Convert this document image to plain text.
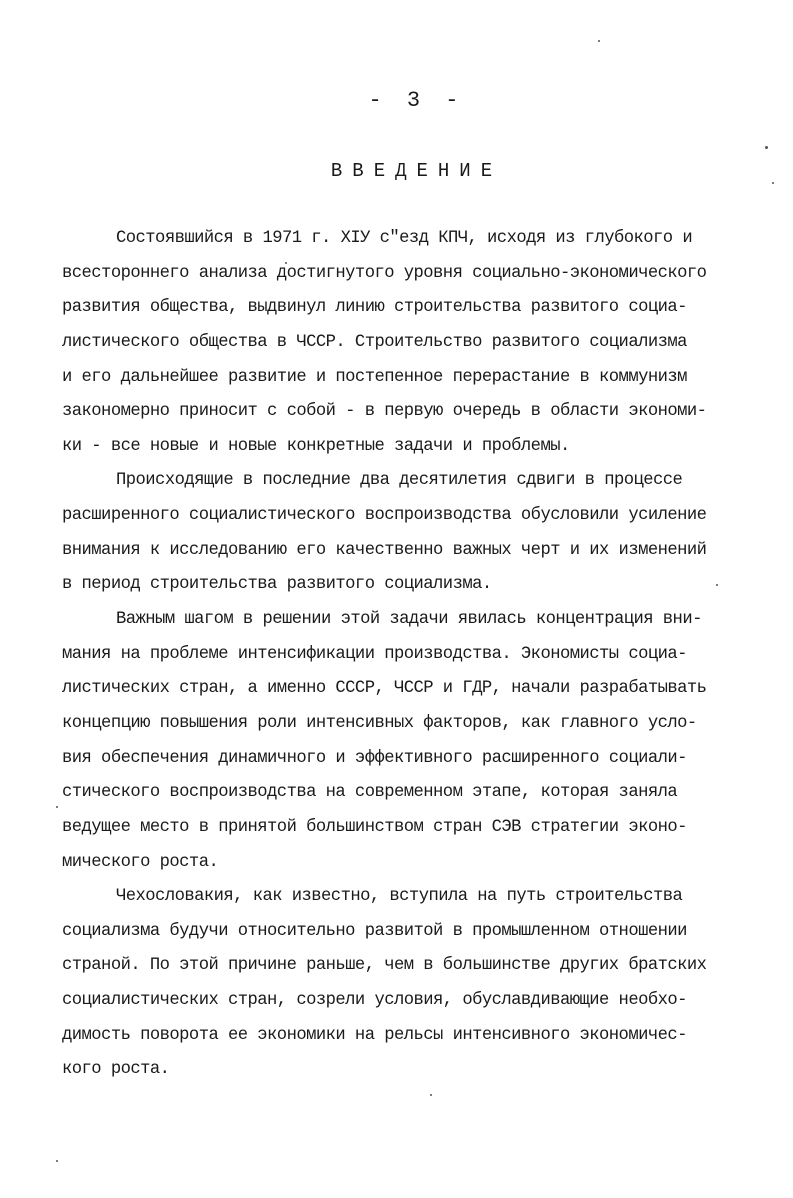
- 3 -
ВВЕДЕНИЕ
Состоявшийся в 1971 г. XIУ с"езд КПЧ, исходя из глубокого и
всестороннего анализа достигнутого уровня социально-экономического
развития общества, выдвинул линию строительства развитого социа-
листического общества в ЧССР. Строительство развитого социализма
и его дальнейшее развитие и постепенное перерастание в коммунизм
закономерно приносит с собой - в первую очередь в области экономи-
ки - все новые и новые конкретные задачи и проблемы.
Происходящие в последние два десятилетия сдвиги в процессе
расширенного социалистического воспроизводства обусловили усиление
внимания к исследованию его качественно важных черт и их изменений
в период строительства развитого социализма.
Важным шагом в решении этой задачи явилась концентрация вни-
мания на проблеме интенсификации производства. Экономисты социа-
листических стран, а именно СССР, ЧССР и ГДР, начали разрабатывать
концепцию повышения роли интенсивных факторов, как главного усло-
вия обеспечения динамичного и эффективного расширенного социали-
стического воспроизводства на современном этапе, которая заняла
ведущее место в принятой большинством стран СЭВ стратегии эконо-
мического роста.
Чехословакия, как известно, вступила на путь строительства
социализма будучи относительно развитой в промышленном отношении
страной. По этой причине раньше, чем в большинстве других братских
социалистических стран, созрели условия, обуславдивающие необхо-
димость поворота ее экономики на рельсы интенсивного экономичес-
кого роста.
